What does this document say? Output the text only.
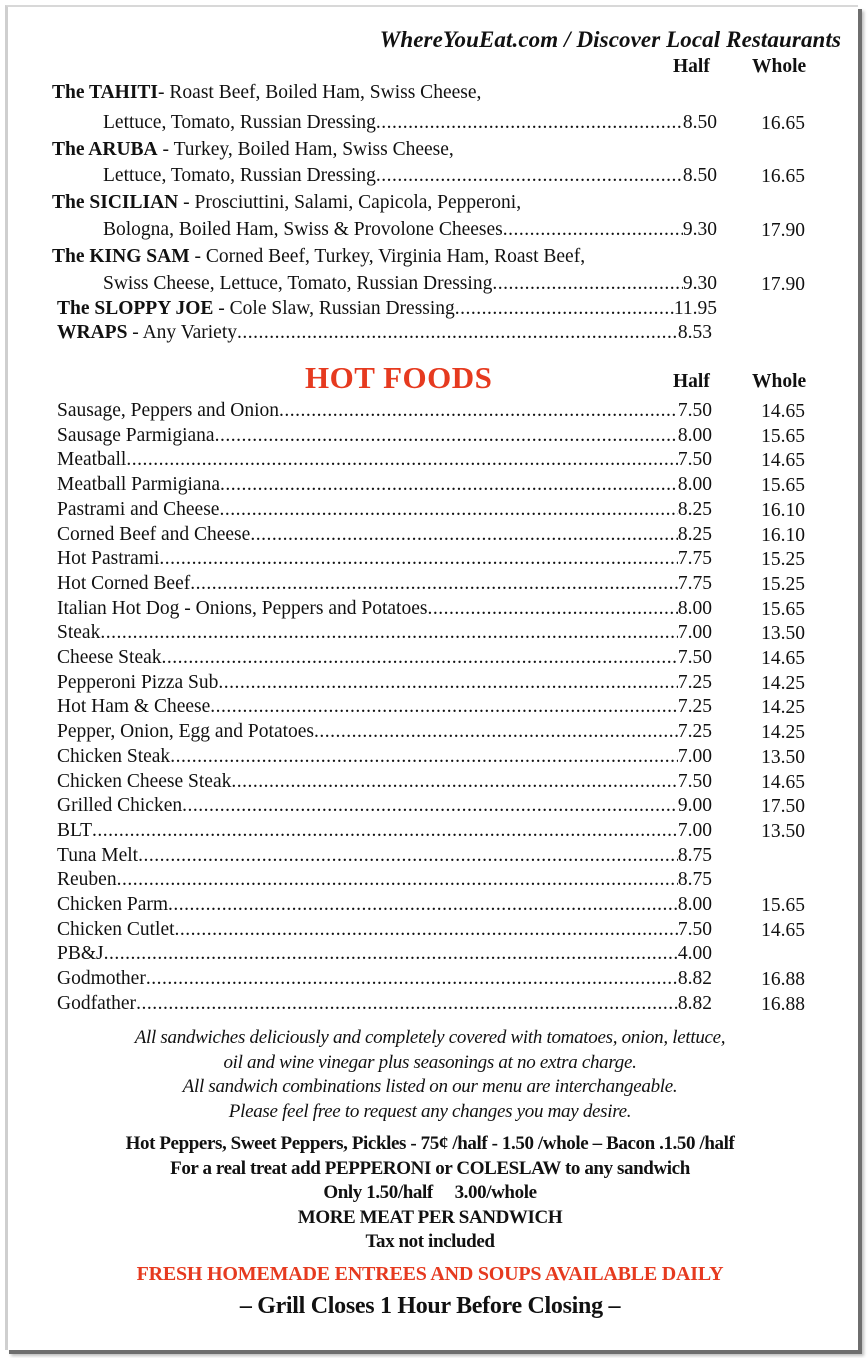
WhereYouEat.com / Discover Local Restaurants
Half Whole
The TAHITI- Roast Beef, Boiled Ham, Swiss Cheese,
Lettuce, Tomato, Russian Dressing .....	8.50	16.65
The ARUBA - Turkey, Boiled Ham, Swiss Cheese,
Lettuce, Tomato, Russian Dressing .....	8.50	16.65
The SICILIAN - Prosciuttini, Salami, Capicola, Pepperoni,
Bologna, Boiled Ham, Swiss & Provolone Cheeses .....	9.30	17.90
The KING SAM - Corned Beef, Turkey, Virginia Ham, Roast Beef,
Swiss Cheese, Lettuce, Tomato, Russian Dressing .....	9.30	17.90
The SLOPPY JOE - Cole Slaw, Russian Dressing .....	11.95
WRAPS - Any Variety .....	8.53
HOT FOODS	Half Whole
Sausage, Peppers and Onion .....	7.50	14.65
Sausage Parmigiana .....	8.00	15.65
Meatball .....	7.50	14.65
Meatball Parmigiana .....	8.00	15.65
Pastrami and Cheese .....	8.25	16.10
Corned Beef and Cheese .....	8.25	16.10
Hot Pastrami .....	7.75	15.25
Hot Corned Beef .....	7.75	15.25
Italian Hot Dog - Onions, Peppers and Potatoes .....	8.00	15.65
Steak .....	7.00	13.50
Cheese Steak .....	7.50	14.65
Pepperoni Pizza Sub .....	7.25	14.25
Hot Ham & Cheese .....	7.25	14.25
Pepper, Onion, Egg and Potatoes .....	7.25	14.25
Chicken Steak .....	7.00	13.50
Chicken Cheese Steak .....	7.50	14.65
Grilled Chicken .....	9.00	17.50
BLT .....	7.00	13.50
Tuna Melt .....	8.75
Reuben .....	8.75
Chicken Parm .....	8.00	15.65
Chicken Cutlet .....	7.50	14.65
PB&J .....	4.00
Godmother .....	8.82	16.88
Godfather .....	8.82	16.88
All sandwiches deliciously and completely covered with tomatoes, onion, lettuce,
oil and wine vinegar plus seasonings at no extra charge.
All sandwich combinations listed on our menu are interchangeable.
Please feel free to request any changes you may desire.
Hot Peppers, Sweet Peppers, Pickles - 75¢ /half - 1.50 /whole – Bacon .1.50 /half
For a real treat add PEPPERONI or COLESLAW to any sandwich
Only 1.50/half     3.00/whole
MORE MEAT PER SANDWICH
Tax not included
FRESH HOMEMADE ENTREES AND SOUPS AVAILABLE DAILY
– Grill Closes 1 Hour Before Closing –
